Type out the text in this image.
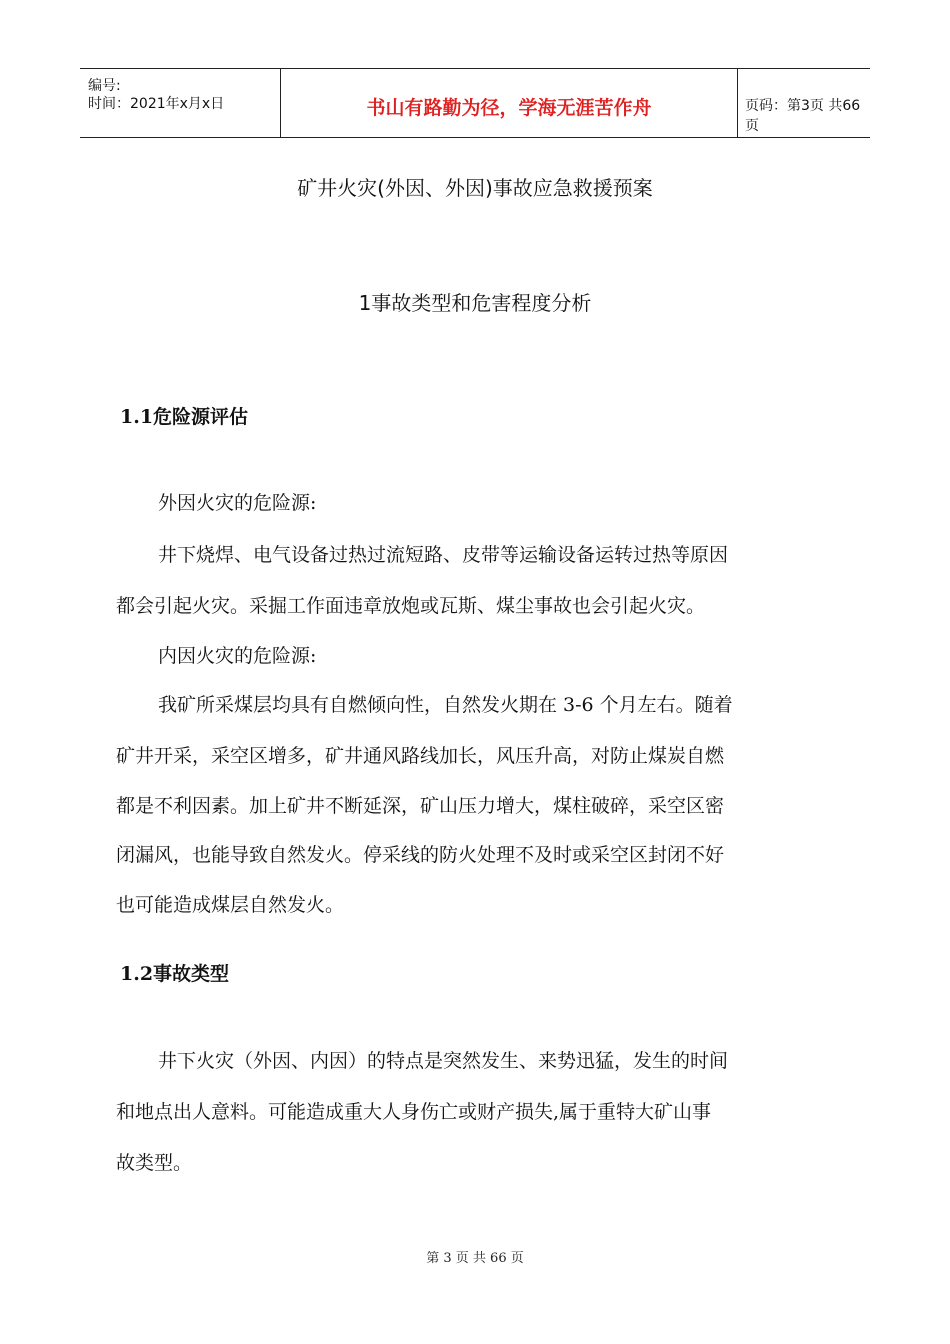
编号:
时间：2021年x月x日	书山有路勤为径，学海无涯苦作舟	页码：第3页 共66页
矿井火灾(外因、外因)事故应急救援预案
1事故类型和危害程度分析
1.1危险源评估
外因火灾的危险源:
井下烧焊、电气设备过热过流短路、皮带等运输设备运转过热等原因
都会引起火灾。采掘工作面违章放炮或瓦斯、煤尘事故也会引起火灾。
内因火灾的危险源:
我矿所采煤层均具有自燃倾向性，自然发火期在 3-6 个月左右。随着
矿井开采，采空区增多，矿井通风路线加长，风压升高，对防止煤炭自燃
都是不利因素。加上矿井不断延深，矿山压力增大，煤柱破碎，采空区密
闭漏风，也能导致自然发火。停采线的防火处理不及时或采空区封闭不好
也可能造成煤层自然发火。
1.2事故类型
井下火灾（外因、内因）的特点是突然发生、来势迅猛，发生的时间
和地点出人意料。可能造成重大人身伤亡或财产损失,属于重特大矿山事
故类型。
第 3 页 共 66 页
